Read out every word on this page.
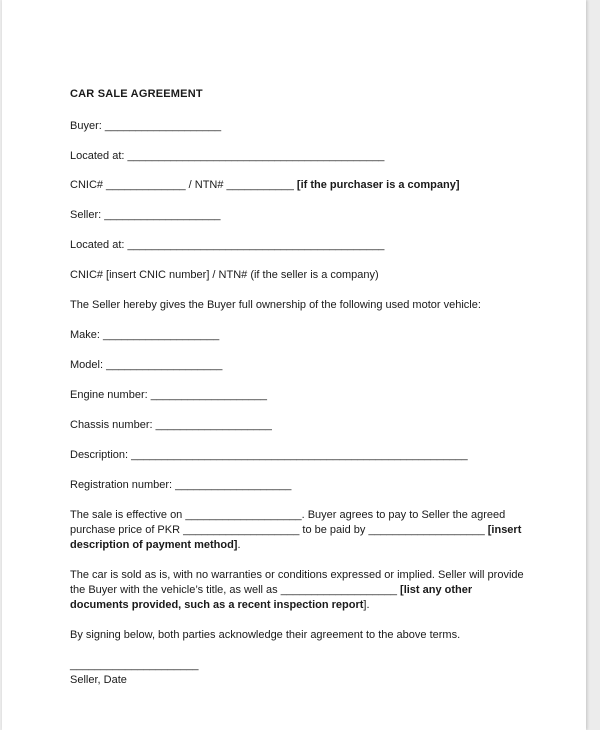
CAR SALE AGREEMENT
Buyer: ___________________
Located at: __________________________________________
CNIC# _____________ / NTN# ___________ [if the purchaser is a company]
Seller: ___________________
Located at: __________________________________________
CNIC# [insert CNIC number] / NTN# (if the seller is a company)
The Seller hereby gives the Buyer full ownership of the following used motor vehicle:
Make: ___________________
Model: ___________________
Engine number: ___________________
Chassis number: ___________________
Description: _______________________________________________________
Registration number: ___________________
The sale is effective on ___________________. Buyer agrees to pay to Seller the agreed
purchase price of PKR ___________________ to be paid by ___________________ [insert
description of payment method].
The car is sold as is, with no warranties or conditions expressed or implied. Seller will provide
the Buyer with the vehicle’s title, as well as ___________________ [list any other
documents provided, such as a recent inspection report].
By signing below, both parties acknowledge their agreement to the above terms.
_____________________
Seller, Date
